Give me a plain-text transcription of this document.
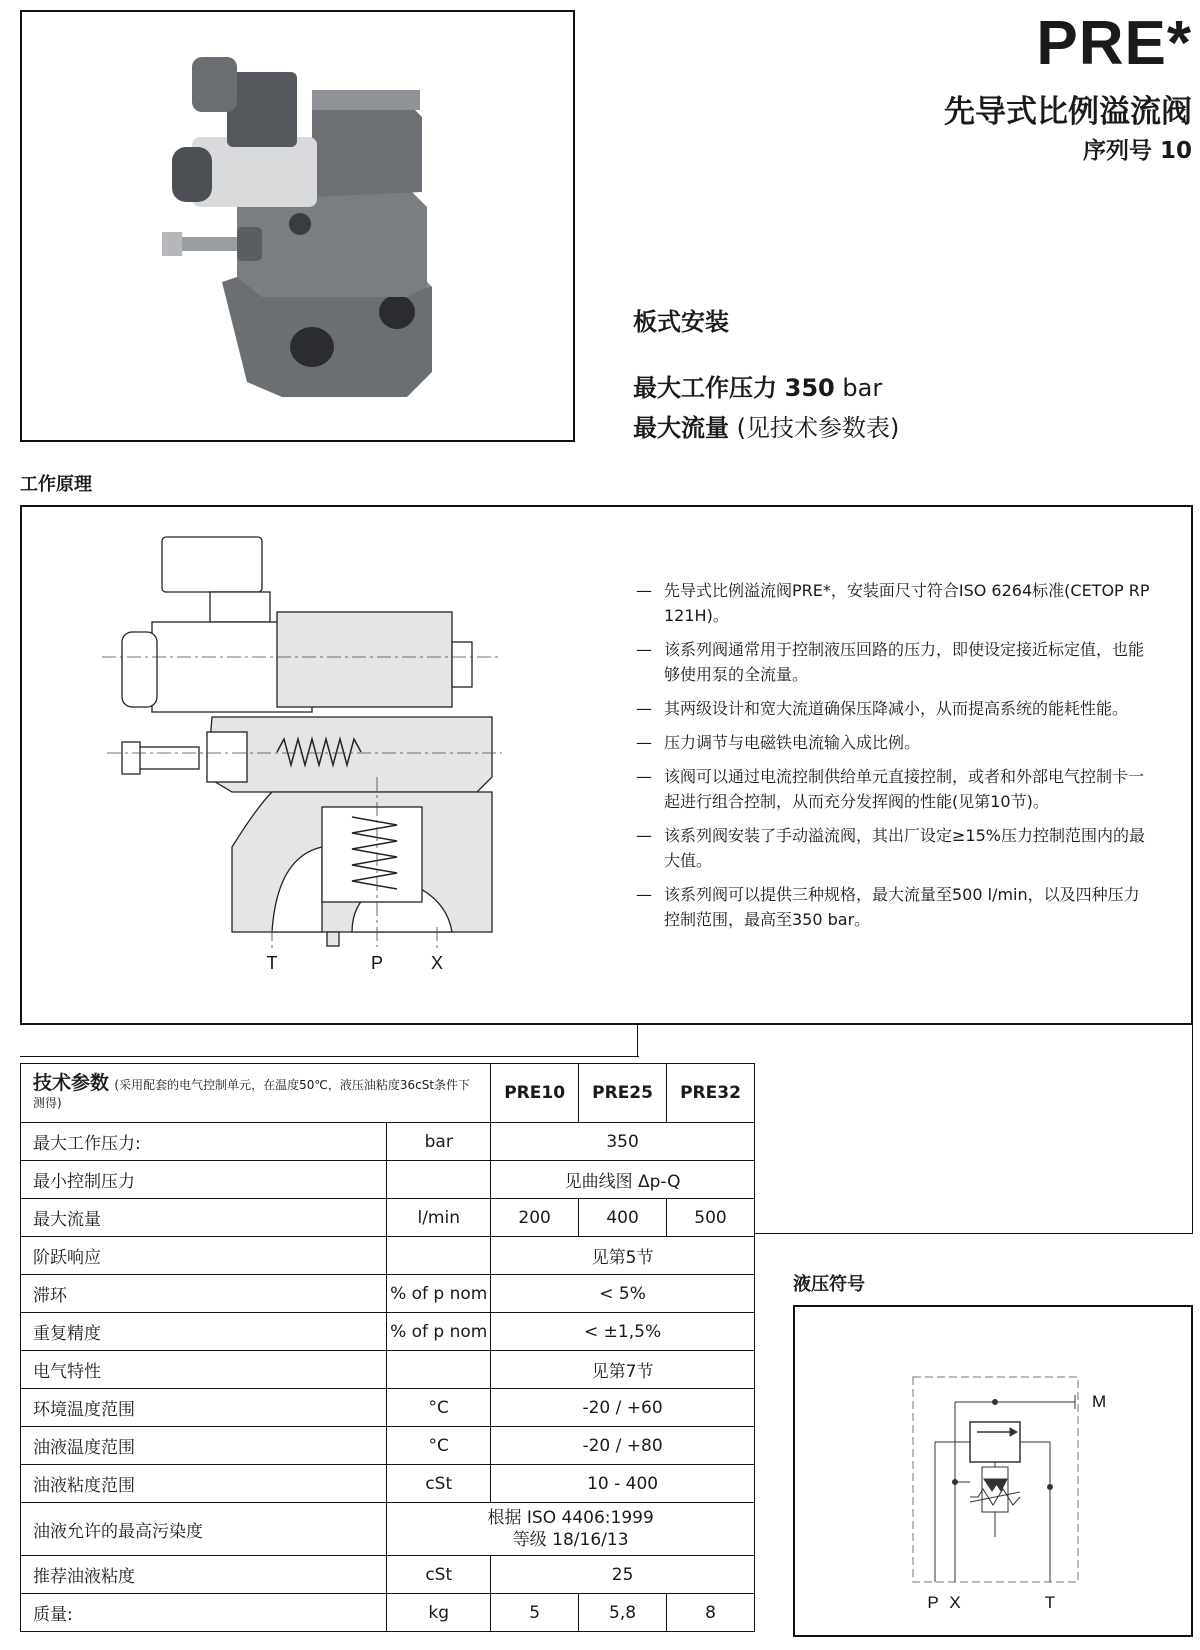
PRE*
先导式比例溢流阀
序列号 10
板式安装
最大工作压力 350 bar
最大流量 (见技术参数表)
工作原理
T	P	X
— 先导式比例溢流阀PRE*，安装面尺寸符合ISO 6264标准(CETOP RP 121H)。
— 该系列阀通常用于控制液压回路的压力，即使设定接近标定值，也能够使用泵的全流量。
— 其两级设计和宽大流道确保压降减小，从而提高系统的能耗性能。
— 压力调节与电磁铁电流输入成比例。
— 该阀可以通过电流控制供给单元直接控制，或者和外部电气控制卡一起进行组合控制，从而充分发挥阀的性能(见第10节)。
— 该系列阀安装了手动溢流阀，其出厂设定≥15%压力控制范围内的最大值。
— 该系列阀可以提供三种规格，最大流量至500 l/min，以及四种压力控制范围，最高至350 bar。
技术参数 (采用配套的电气控制单元，在温度50℃，液压油粘度36cSt条件下测得)		PRE10	PRE25	PRE32
最大工作压力:	bar	350		
最小控制压力		见曲线图 Δp-Q		
最大流量	l/min	200	400	500
阶跃响应		见第5节		
滞环	% of p nom	< 5%		
重复精度	% of p nom	< ±1,5%		
电气特性		见第7节		
环境温度范围	°C	-20 / +60		
油液温度范围	°C	-20 / +80		
油液粘度范围	cSt	10 - 400		
油液允许的最高污染度	根据 ISO 4406:1999
等级 18/16/13			

推荐油液粘度	cSt	25		
质量:	kg	5	5,8	8
液压符号
M
P X	T
